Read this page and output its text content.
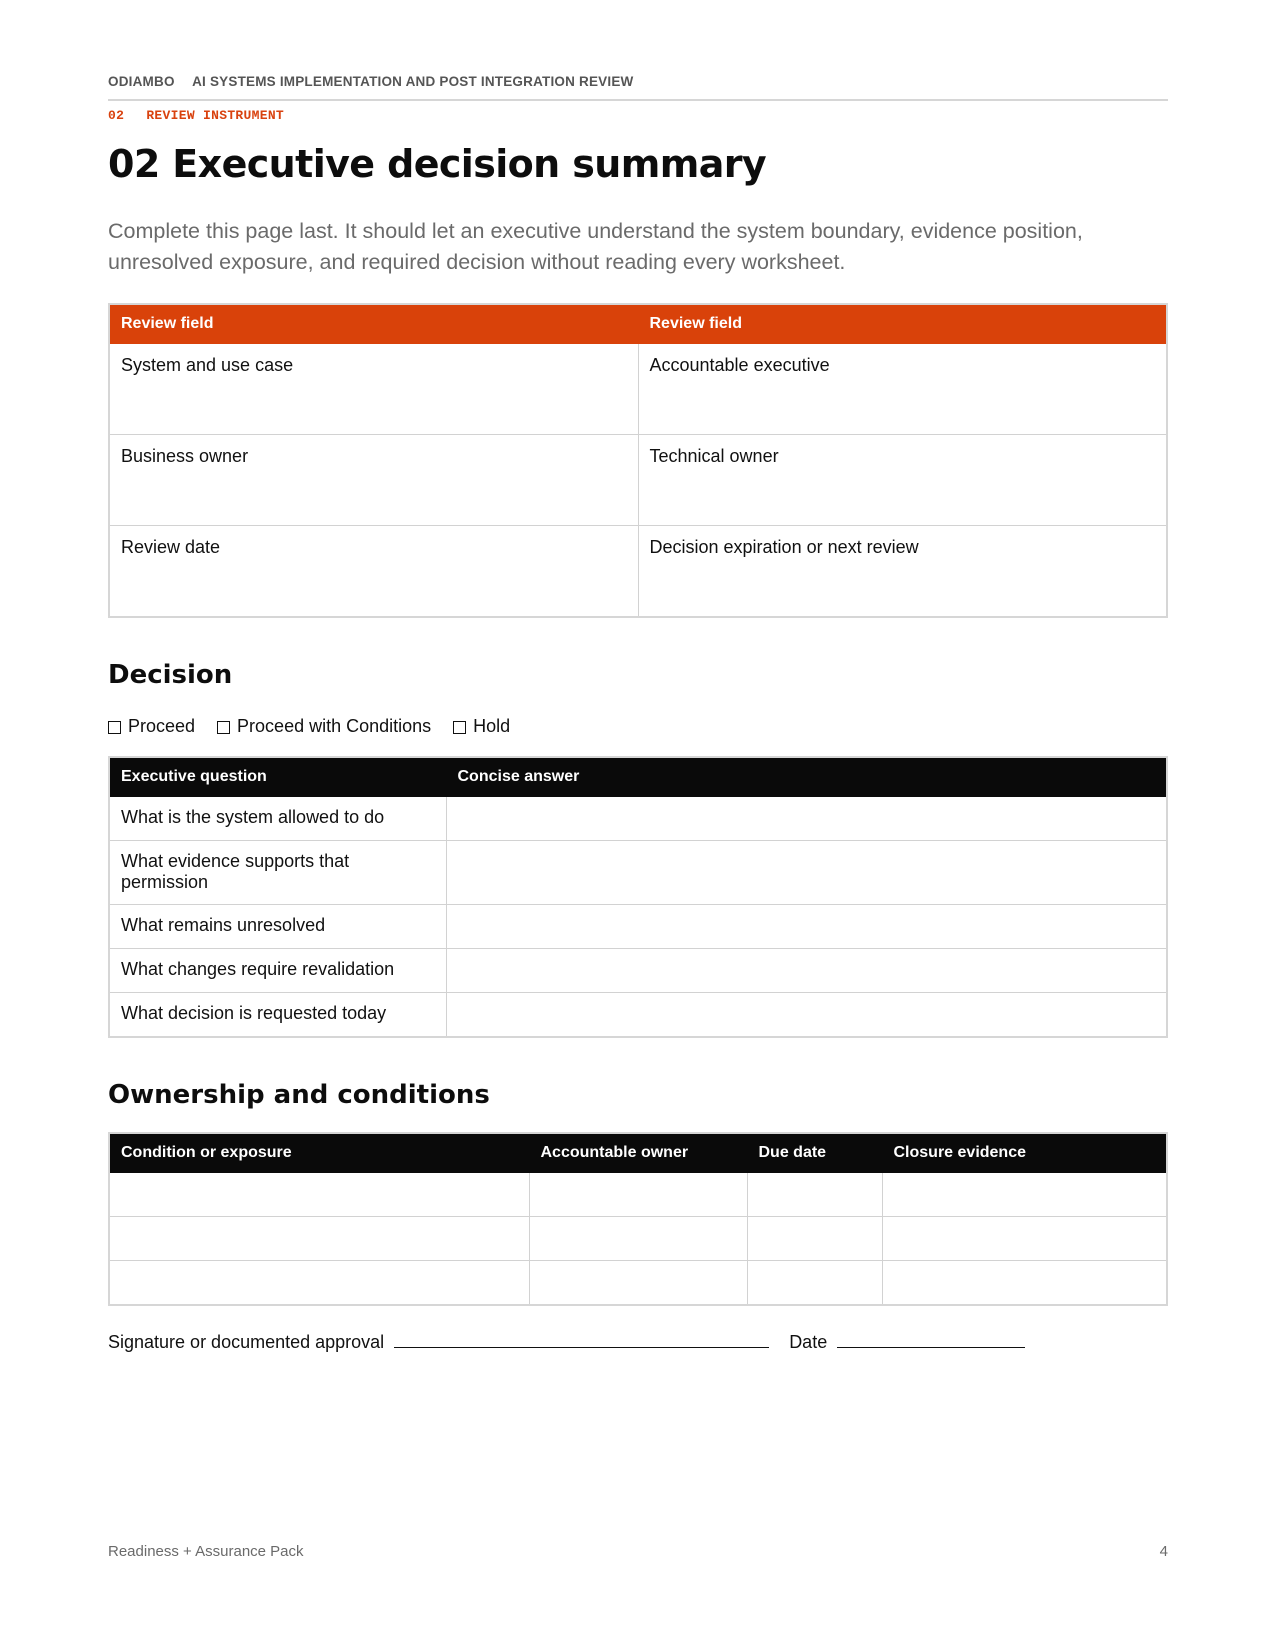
ODIAMBO AI SYSTEMS IMPLEMENTATION AND POST INTEGRATION REVIEW
02 REVIEW INSTRUMENT
02 Executive decision summary

Complete this page last. It should let an executive understand the system boundary, evidence position, unresolved exposure, and required decision without reading every worksheet.

Review field	Review field
System and use case	Accountable executive
Business owner	Technical owner
Review date	Decision expiration or next review
Decision
Proceed Proceed with Conditions Hold
Executive question	Concise answer
What is the system allowed to do	
What evidence supports that permission	
What remains unresolved	
What changes require revalidation	
What decision is requested today	
Ownership and conditions
Condition or exposure	Accountable owner	Due date	Closure evidence

Signature or documented approval	Date
Readiness + Assurance Pack	4
